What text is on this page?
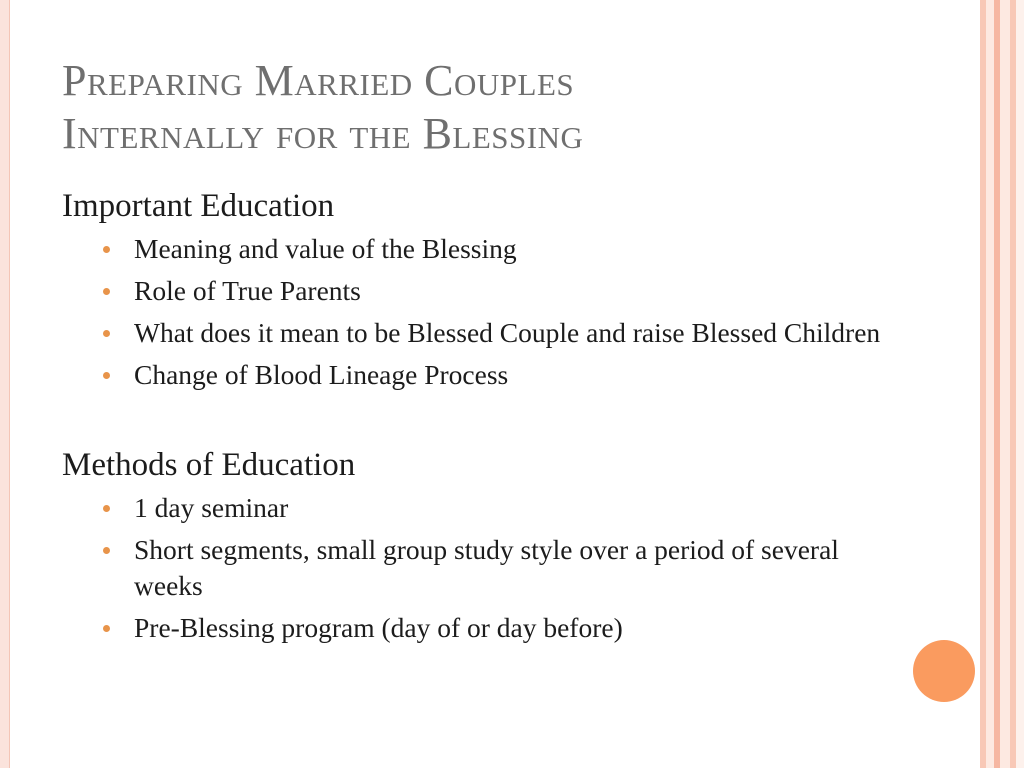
Preparing Married Couples
Internally for the Blessing
Important Education
Meaning and value of the Blessing
Role of True Parents
What does it mean to be Blessed Couple and raise Blessed Children
Change of Blood Lineage Process
Methods of Education
1 day seminar
Short segments, small group study style over a period of several weeks
Pre-Blessing program (day of or day before)
